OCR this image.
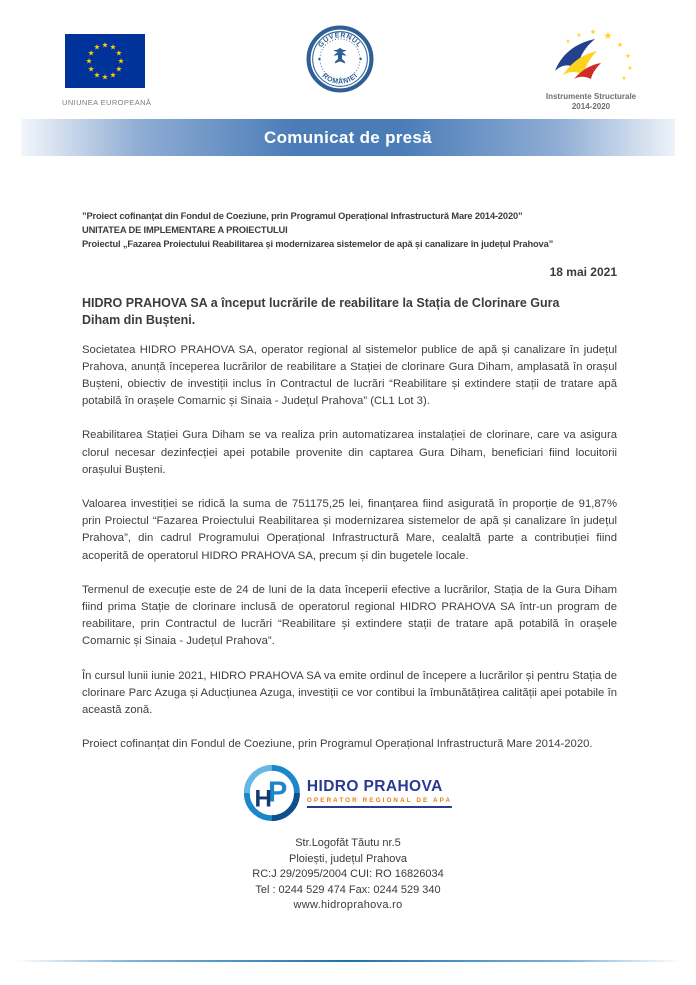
★ ★
★
★
★
★
★
★
★
★
★
★
UNIUNEA EUROPEANĂ
GUVERNUL
ROMÂNIEI
★ ★ ★
★
★
★
★
★
Instrumente Structurale
2014-2020
Comunicat de presă
”Proiect cofinanțat din Fondul de Coeziune, prin Programul Operațional Infrastructură Mare 2014-2020”
UNITATEA DE IMPLEMENTARE A PROIECTULUI
Proiectul „Fazarea Proiectului Reabilitarea și modernizarea sistemelor de apă și canalizare în județul Prahova”
18 mai 2021
HIDRO PRAHOVA SA a început lucrările de reabilitare la Stația de Clorinare Gura Diham din Bușteni.

Societatea HIDRO PRAHOVA SA, operator regional al sistemelor publice de apă și canalizare în județul Prahova, anunță începerea lucrărilor de reabilitare a Stației de clorinare Gura Diham, amplasată în orașul Bușteni, obiectiv de investiții inclus în Contractul de lucrări “Reabilitare și extindere stații de tratare apă potabilă în orașele Comarnic și Sinaia - Județul Prahova” (CL1 Lot 3).

Reabilitarea Stației Gura Diham se va realiza prin automatizarea instalației de clorinare, care va asigura clorul necesar dezinfecției apei potabile provenite din captarea Gura Diham, beneficiari fiind locuitorii orașului Bușteni.

Valoarea investiției se ridică la suma de 751175,25 lei, finanțarea fiind asigurată în proporție de 91,87% prin Proiectul “Fazarea Proiectului Reabilitarea și modernizarea sistemelor de apă și canalizare în județul Prahova”, din cadrul Programului Operațional Infrastructură Mare, cealaltă parte a contribuției fiind acoperită de operatorul HIDRO PRAHOVA SA, precum și din bugetele locale.

Termenul de execuție este de 24 de luni de la data începerii efective a lucrărilor, Stația de la Gura Diham fiind prima Stație de clorinare inclusă de operatorul regional HIDRO PRAHOVA SA într-un program de reabilitare, prin Contractul de lucrări “Reabilitare și extindere stații de tratare apă potabilă în orașele Comarnic și Sinaia - Județul Prahova”.

În cursul lunii iunie 2021, HIDRO PRAHOVA SA va emite ordinul de începere a lucrărilor și pentru Stația de clorinare Parc Azuga și Aducțiunea Azuga, investiții ce vor contibui la îmbunătățirea calității apei potabile în această zonă.

Proiect cofinanțat din Fondul de Coeziune, prin Programul Operațional Infrastructură Mare 2014-2020.

P
H HIDRO PRAHOVA
OPERATOR REGIONAL DE APA
Str.Logofăt Tăutu nr.5
Ploiești, județul Prahova
RC:J 29/2095/2004 CUI: RO 16826034
Tel : 0244 529 474 Fax: 0244 529 340
www.hidroprahova.ro
